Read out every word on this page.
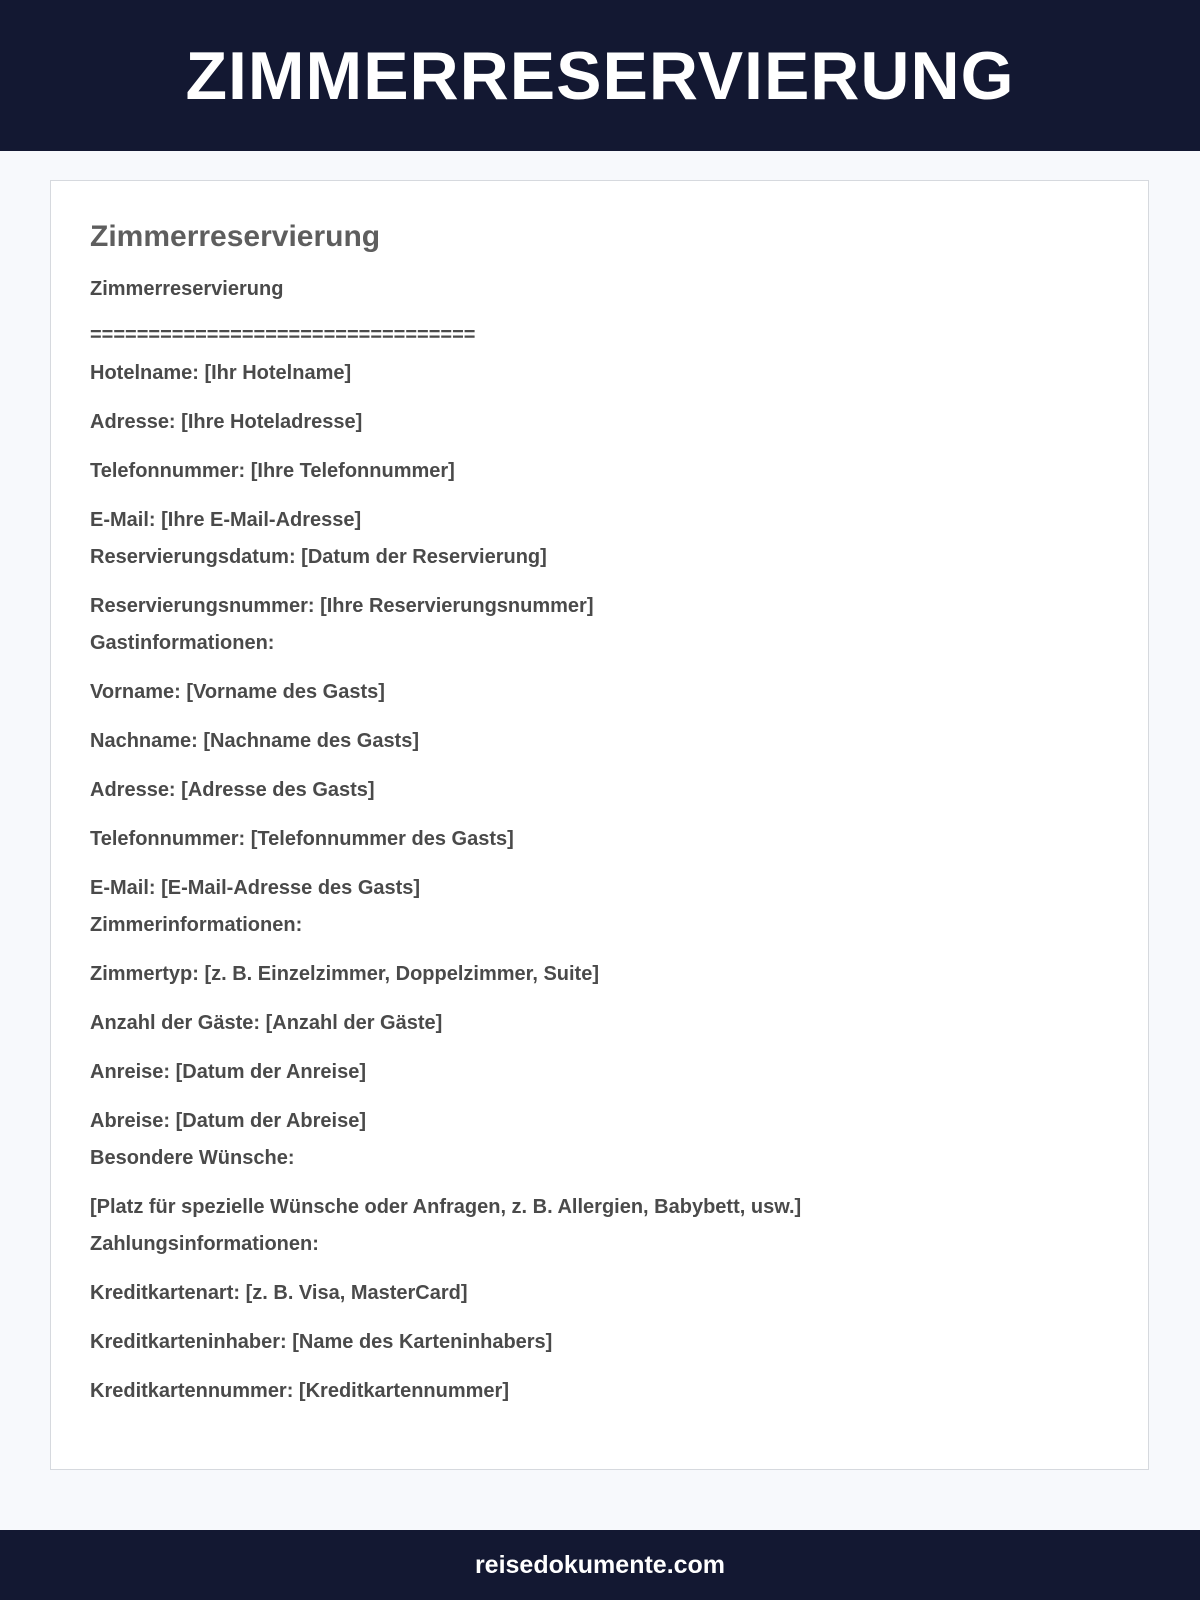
ZIMMERRESERVIERUNG
Zimmerreservierung

Zimmerreservierung

=================================

Hotelname: [Ihr Hotelname]

Adresse: [Ihre Hoteladresse]

Telefonnummer: [Ihre Telefonnummer]

E-Mail: [Ihre E-Mail-Adresse]

Reservierungsdatum: [Datum der Reservierung]

Reservierungsnummer: [Ihre Reservierungsnummer]

Gastinformationen:

Vorname: [Vorname des Gasts]

Nachname: [Nachname des Gasts]

Adresse: [Adresse des Gasts]

Telefonnummer: [Telefonnummer des Gasts]

E-Mail: [E-Mail-Adresse des Gasts]

Zimmerinformationen:

Zimmertyp: [z. B. Einzelzimmer, Doppelzimmer, Suite]

Anzahl der Gäste: [Anzahl der Gäste]

Anreise: [Datum der Anreise]

Abreise: [Datum der Abreise]

Besondere Wünsche:

[Platz für spezielle Wünsche oder Anfragen, z. B. Allergien, Babybett, usw.]

Zahlungsinformationen:

Kreditkartenart: [z. B. Visa, MasterCard]

Kreditkarteninhaber: [Name des Karteninhabers]

Kreditkartennummer: [Kreditkartennummer]

reisedokumente.com
